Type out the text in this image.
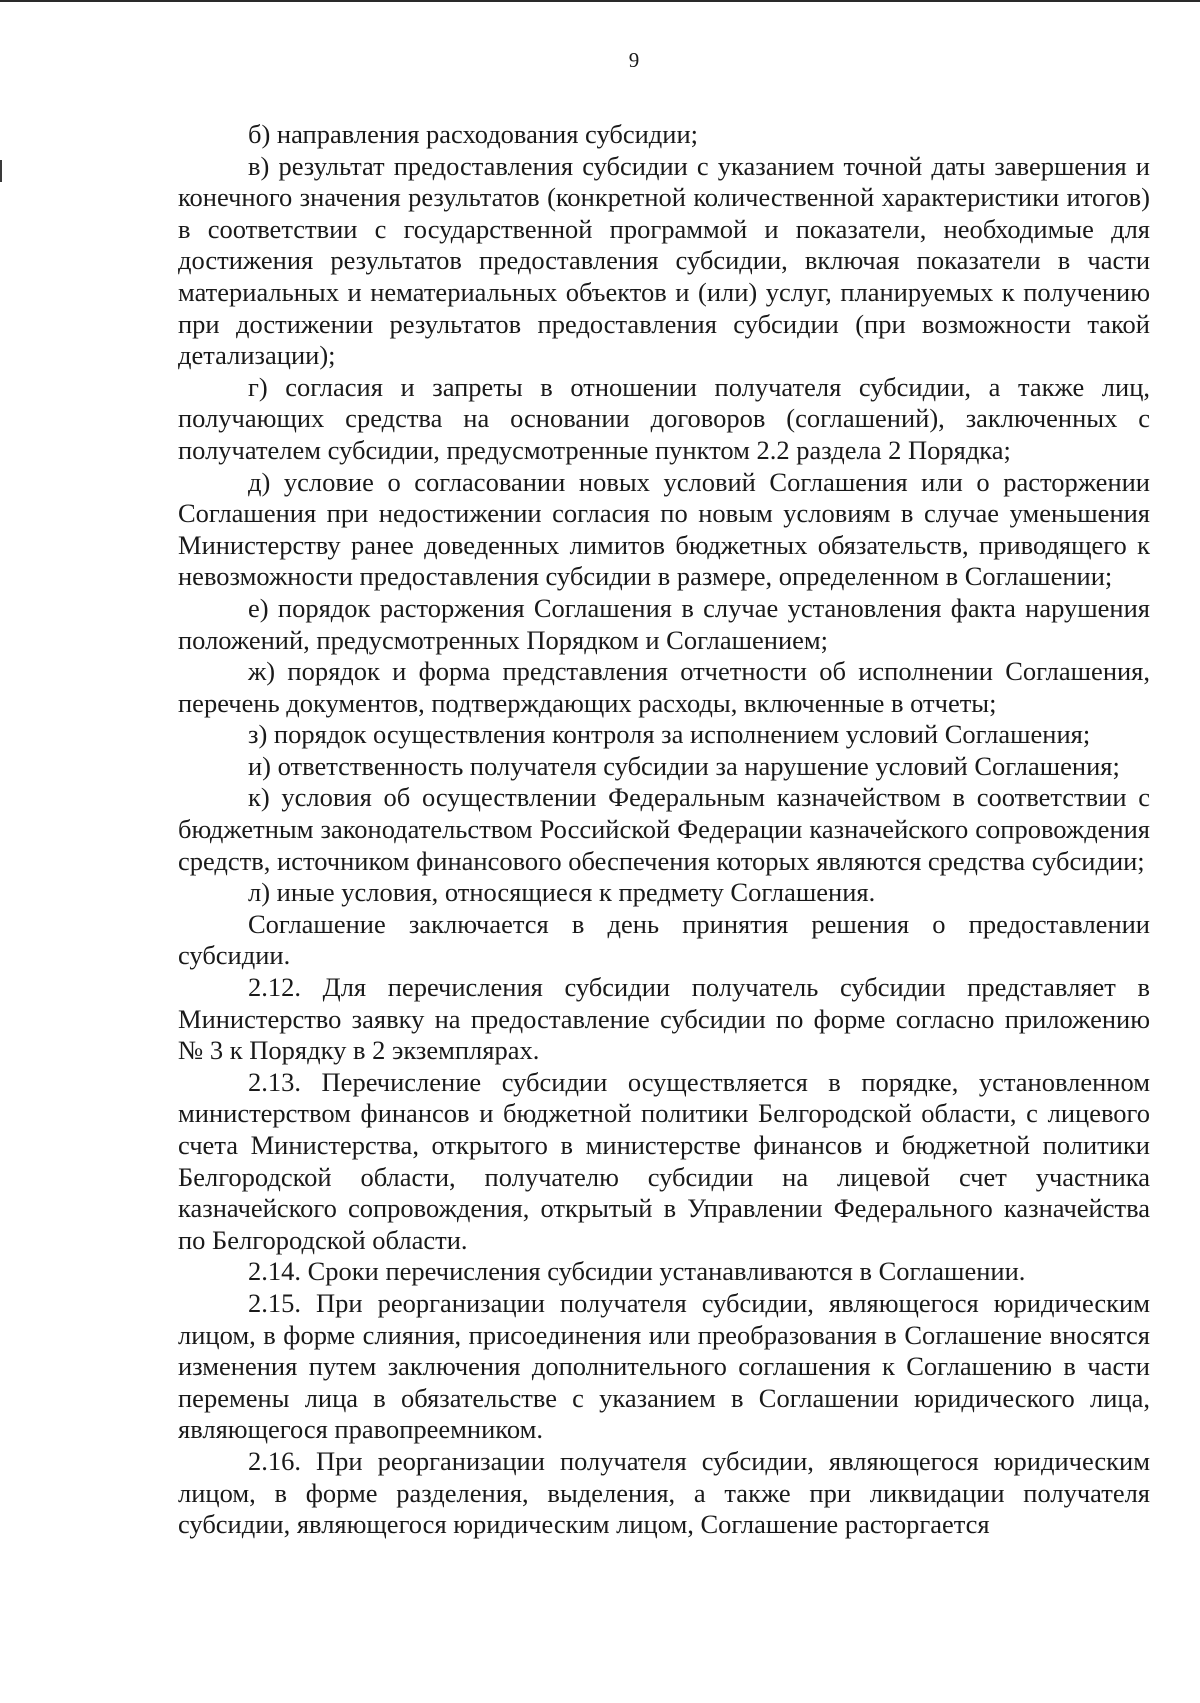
9

б) направления расходования субсидии;

в) результат предоставления субсидии с указанием точной даты завершения и конечного значения результатов (конкретной количественной характеристики итогов) в соответствии с государственной программой и показатели, необходимые для достижения результатов предоставления субсидии, включая показатели в части материальных и нематериальных объектов и (или) услуг, планируемых к получению при достижении результатов предоставления субсидии (при возможности такой детализации);

г) согласия и запреты в отношении получателя субсидии, а также лиц, получающих средства на основании договоров (соглашений), заключенных с получателем субсидии, предусмотренные пунктом 2.2 раздела 2 Порядка;

д) условие о согласовании новых условий Соглашения или о расторжении Соглашения при недостижении согласия по новым условиям в случае уменьшения Министерству ранее доведенных лимитов бюджетных обязательств, приводящего к невозможности предоставления субсидии в размере, определенном в Соглашении;

е) порядок расторжения Соглашения в случае установления факта нарушения положений, предусмотренных Порядком и Соглашением;

ж) порядок и форма представления отчетности об исполнении Соглашения, перечень документов, подтверждающих расходы, включенные в отчеты;

з) порядок осуществления контроля за исполнением условий Соглашения;

и) ответственность получателя субсидии за нарушение условий Соглашения;

к) условия об осуществлении Федеральным казначейством в соответствии с бюджетным законодательством Российской Федерации казначейского сопровождения средств, источником финансового обеспечения которых являются средства субсидии;

л) иные условия, относящиеся к предмету Соглашения.

Соглашение заключается в день принятия решения о предоставлении субсидии.

2.12. Для перечисления субсидии получатель субсидии представляет в Министерство заявку на предоставление субсидии по форме согласно приложению № 3 к Порядку в 2 экземплярах.

2.13. Перечисление субсидии осуществляется в порядке, установленном министерством финансов и бюджетной политики Белгородской области, с лицевого счета Министерства, открытого в министерстве финансов и бюджетной политики Белгородской области, получателю субсидии на лицевой счет участника казначейского сопровождения, открытый в Управлении Федерального казначейства по Белгородской области.

2.14. Сроки перечисления субсидии устанавливаются в Соглашении.

2.15. При реорганизации получателя субсидии, являющегося юридическим лицом, в форме слияния, присоединения или преобразования в Соглашение вносятся изменения путем заключения дополнительного соглашения к Соглашению в части перемены лица в обязательстве с указанием в Соглашении юридического лица, являющегося правопреемником.

2.16. При реорганизации получателя субсидии, являющегося юридическим лицом, в форме разделения, выделения, а также при ликвидации получателя субсидии, являющегося юридическим лицом, Соглашение расторгается
